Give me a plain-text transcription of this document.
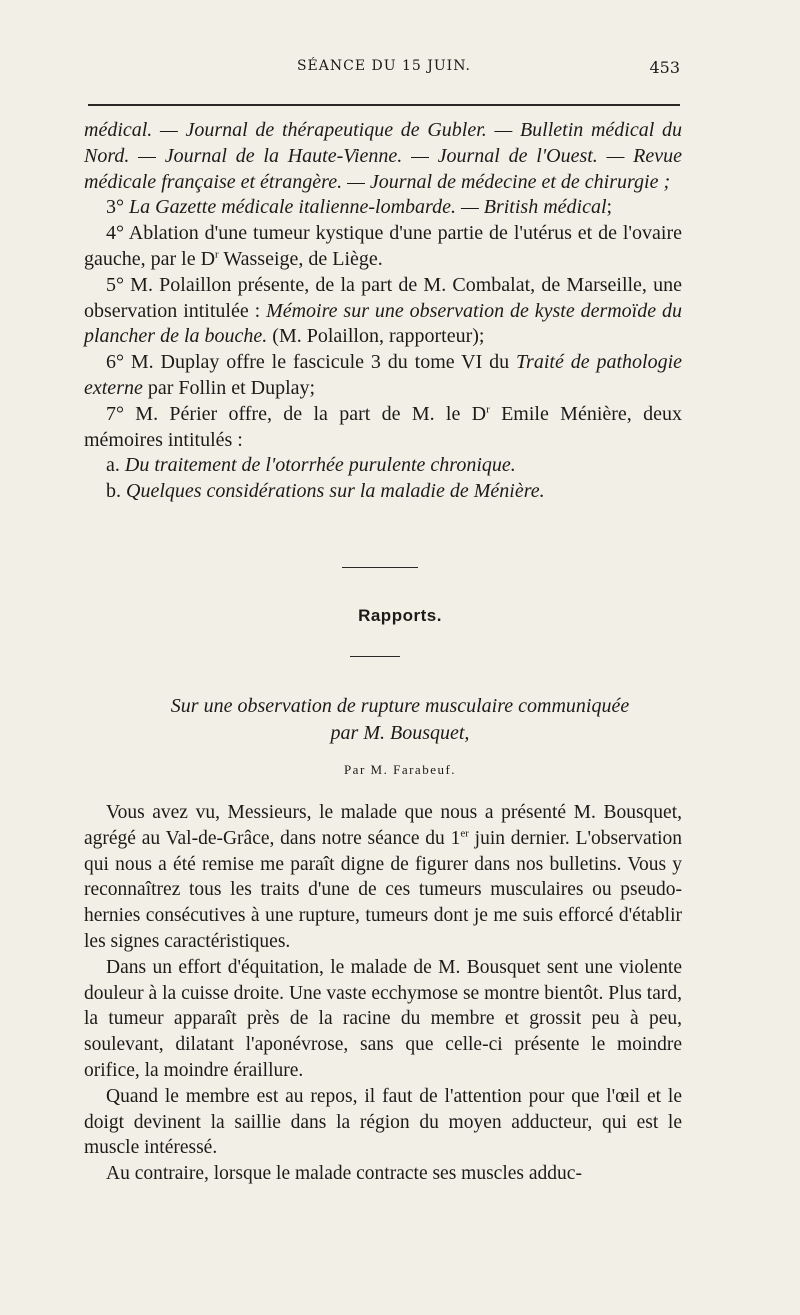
SÉANCE DU 15 JUIN.	453

médical. — Journal de thérapeutique de Gubler. — Bulletin médical du Nord. — Journal de la Haute-Vienne. — Journal de l'Ouest. — Revue médicale française et étrangère. — Journal de médecine et de chirurgie ;

3° La Gazette médicale italienne-lombarde. — British médical;

4° Ablation d'une tumeur kystique d'une partie de l'utérus et de l'ovaire gauche, par le $D^r$ Wasseige, de Liège.

5° M. Polaillon présente, de la part de M. Combalat, de Marseille, une observation intitulée : Mémoire sur une observation de kyste dermoïde du plancher de la bouche. (M. Polaillon, rapporteur);

6° M. Duplay offre le fascicule 3 du tome VI du Traité de pathologie externe par Follin et Duplay;

7° M. Périer offre, de la part de M. le $D^r$ Emile Ménière, deux mémoires intitulés :

a. Du traitement de l'otorrhée purulente chronique.

b. Quelques considérations sur la maladie de Ménière.

Rapports.
Sur une observation de rupture musculaire communiquée
par M. Bousquet,
Par M. Farabeuf.

Vous avez vu, Messieurs, le malade que nous a présenté M. Bousquet, agrégé au Val-de-Grâce, dans notre séance du 1er juin dernier. L'observation qui nous a été remise me paraît digne de figurer dans nos bulletins. Vous y reconnaîtrez tous les traits d'une de ces tumeurs musculaires ou pseudo-hernies consécutives à une rupture, tumeurs dont je me suis efforcé d'établir les signes caractéristiques.

Dans un effort d'équitation, le malade de M. Bousquet sent une violente douleur à la cuisse droite. Une vaste ecchymose se montre bientôt. Plus tard, la tumeur apparaît près de la racine du membre et grossit peu à peu, soulevant, dilatant l'aponévrose, sans que celle-ci présente le moindre orifice, la moindre éraillure.

Quand le membre est au repos, il faut de l'attention pour que l'œil et le doigt devinent la saillie dans la région du moyen adducteur, qui est le muscle intéressé.

Au contraire, lorsque le malade contracte ses muscles adduc-
